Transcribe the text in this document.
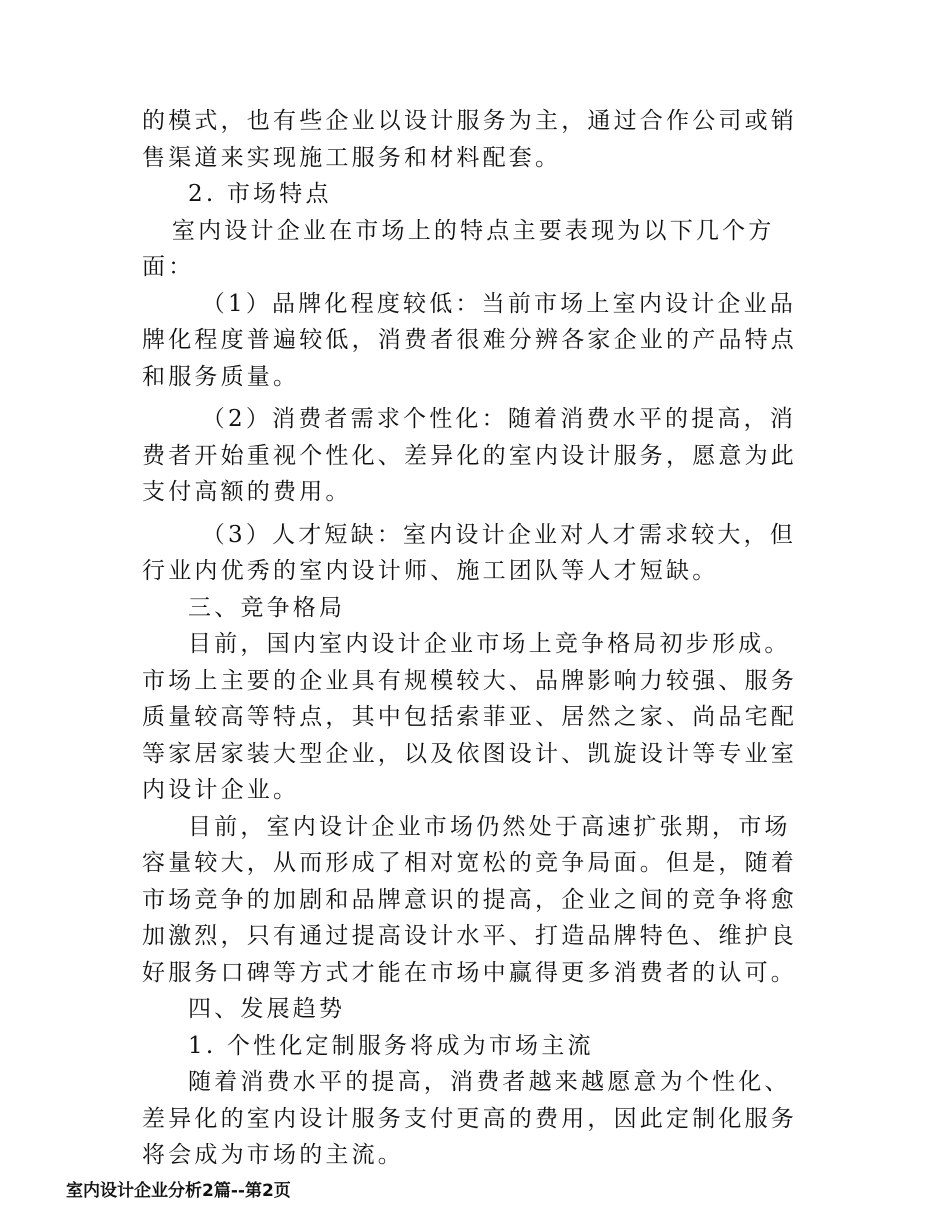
的模式，也有些企业以设计服务为主，通过合作公司或销售渠道来实现施工服务和材料配套。

2. 市场特点

室内设计企业在市场上的特点主要表现为以下几个方面：

（1）品牌化程度较低：当前市场上室内设计企业品牌化程度普遍较低，消费者很难分辨各家企业的产品特点和服务质量。

（2）消费者需求个性化：随着消费水平的提高，消费者开始重视个性化、差异化的室内设计服务，愿意为此支付高额的费用。

（3）人才短缺：室内设计企业对人才需求较大，但行业内优秀的室内设计师、施工团队等人才短缺。

三、竞争格局

目前，国内室内设计企业市场上竞争格局初步形成。市场上主要的企业具有规模较大、品牌影响力较强、服务质量较高等特点，其中包括索菲亚、居然之家、尚品宅配等家居家装大型企业，以及依图设计、凯旋设计等专业室内设计企业。

目前，室内设计企业市场仍然处于高速扩张期，市场容量较大，从而形成了相对宽松的竞争局面。但是，随着市场竞争的加剧和品牌意识的提高，企业之间的竞争将愈加激烈，只有通过提高设计水平、打造品牌特色、维护良好服务口碑等方式才能在市场中赢得更多消费者的认可。

四、发展趋势

1. 个性化定制服务将成为市场主流

随着消费水平的提高，消费者越来越愿意为个性化、差异化的室内设计服务支付更高的费用，因此定制化服务将会成为市场的主流。

室内设计企业分析2篇--第2页
